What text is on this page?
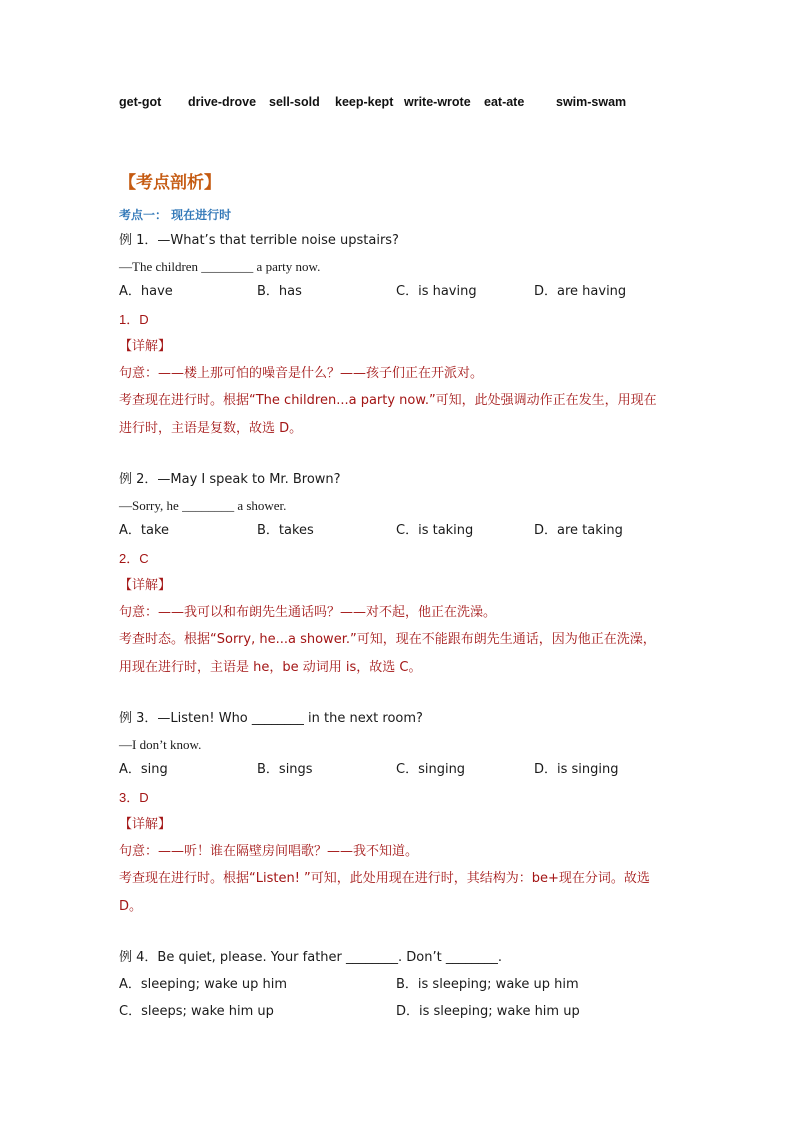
get-got drive-drove sell-sold keep-kept write-wrote eat-ate	swim-swam
【考点剖析】
考点一： 现在进行时
例 1．—What’s that terrible noise upstairs?
—The children ________ a party now.
A．have	B．has	C．is having	D．are having
1．D
【详解】
句意：——楼上那可怕的噪音是什么？——孩子们正在开派对。
考查现在进行时。根据“The children...a party now.”可知，此处强调动作正在发生，用现在
进行时，主语是复数，故选 D。
例 2．—May I speak to Mr. Brown?
—Sorry, he ________ a shower.
A．take	B．takes	C．is taking	D．are taking
2．C
【详解】
句意：——我可以和布朗先生通话吗？——对不起，他正在洗澡。
考查时态。根据“Sorry, he...a shower.”可知，现在不能跟布朗先生通话，因为他正在洗澡，
用现在进行时，主语是 he，be 动词用 is，故选 C。
例 3．—Listen! Who ________ in the next room?
—I don’t know.
A．sing	B．sings	C．singing	D．is singing
3．D
【详解】
句意：——听！谁在隔壁房间唱歌？——我不知道。
考查现在进行时。根据“Listen! ”可知，此处用现在进行时，其结构为：be+现在分词。故选
D。
例 4．Be quiet, please. Your father ________. Don’t ________.
A．sleeping; wake up him	B．is sleeping; wake up him
C．sleeps; wake him up	D．is sleeping; wake him up
